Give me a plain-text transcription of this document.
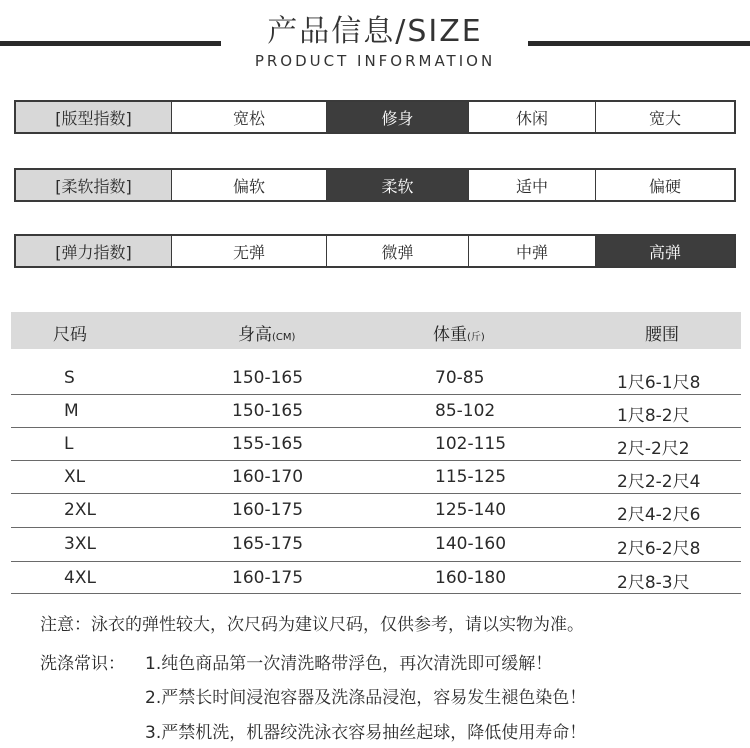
产品信息/SIZE
PRODUCT INFORMATION
[版型指数]	宽松	修身	休闲	宽大
[柔软指数]	偏软	柔软	适中	偏硬
[弹力指数]	无弹	微弹	中弹	高弹
尺码	身高(CM)	体重(斤)	腰围
S	150-165	70-85	1尺6-1尺8
M	150-165	85-102	1尺8-2尺
L	155-165	102-115	2尺-2尺2
XL	160-170	115-125	2尺2-2尺4
2XL	160-175	125-140	2尺4-2尺6
3XL	165-175	140-160	2尺6-2尺8
4XL	160-175	160-180	2尺8-3尺
注意：泳衣的弹性较大，次尺码为建议尺码，仅供参考，请以实物为准。
洗涤常识： 1.纯色商品第一次清洗略带浮色，再次清洗即可缓解！
2.严禁长时间浸泡容器及洗涤品浸泡，容易发生褪色染色！
3.严禁机洗，机器绞洗泳衣容易抽丝起球，降低使用寿命！
